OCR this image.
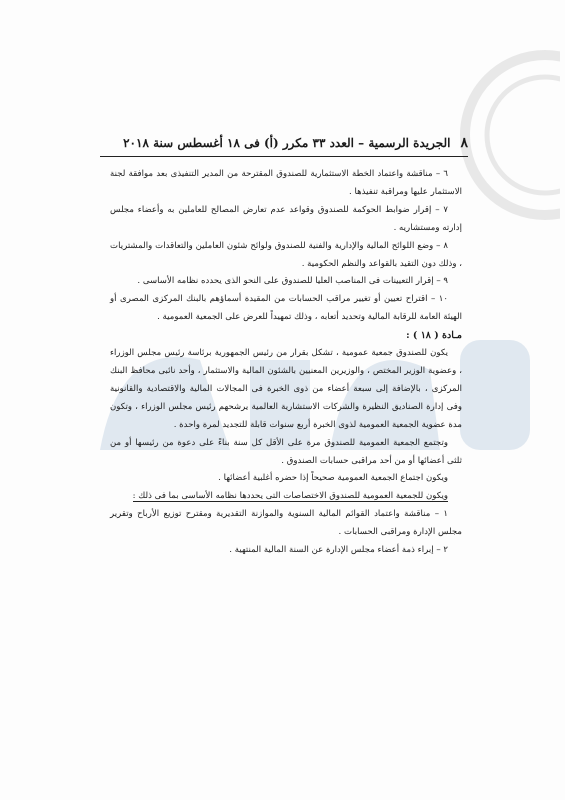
٨
الجريدة الرسمية – العدد ٣٣ مكرر (أ) فى ١٨ أغسطس سنة ٢٠١٨

٦ – مناقشة واعتماد الخطة الاستثمارية للصندوق المقترحة من المدير التنفيذى بعد موافقة لجنة الاستثمار عليها ومراقبة تنفيذها .

٧ – إقرار ضوابط الحوكمة للصندوق وقواعد عدم تعارض المصالح للعاملين به وأعضاء مجلس إدارته ومستشاريه .

٨ – وضع اللوائح المالية والإدارية والفنية للصندوق ولوائح شئون العاملين والتعاقدات والمشتريات ، وذلك دون التقيد بالقواعد والنظم الحكومية .

٩ – إقرار التعيينات فى المناصب العليا للصندوق على النحو الذى يحدده نظامه الأساسى .

١٠ – اقتراح تعيين أو تغيير مراقب الحسابات من المقيدة أسماؤهم بالبنك المركزى المصرى أو الهيئة العامة للرقابة المالية وتحديد أتعابه ، وذلك تمهيداً للعرض على الجمعية العمومية .

مـادة ( ١٨ ) :

يكون للصندوق جمعية عمومية ، تشكل بقرار من رئيس الجمهورية برئاسة رئيس مجلس الوزراء ، وعضوية الوزير المختص ، والوزيرين المعنيين بالشئون المالية والاستثمار ، وأحد نائبى محافظ البنك المركزى ، بالإضافة إلى سبعة أعضاء من ذوى الخبرة فى المجالات المالية والاقتصادية والقانونية وفى إدارة الصناديق النظيرة والشركات الاستشارية العالمية يرشحهم رئيس مجلس الوزراء ، وتكون مدة عضوية الجمعية العمومية لذوى الخبرة أربع سنوات قابلة للتجديد لمرة واحدة .

وتجتمع الجمعية العمومية للصندوق مرة على الأقل كل سنة بناءً على دعوة من رئيسها أو من ثلثى أعضائها أو من أحد مراقبى حسابات الصندوق .

ويكون اجتماع الجمعية العمومية صحيحاً إذا حضره أغلبية أعضائها .

ويكون للجمعية العمومية للصندوق الاختصاصات التى يحددها نظامه الأساسى بما فى ذلك :

١ – مناقشة واعتماد القوائم المالية السنوية والموازنة التقديرية ومقترح توزيع الأرباح وتقرير مجلس الإدارة ومراقبى الحسابات .

٢ – إبراء ذمة أعضاء مجلس الإدارة عن السنة المالية المنتهية .
